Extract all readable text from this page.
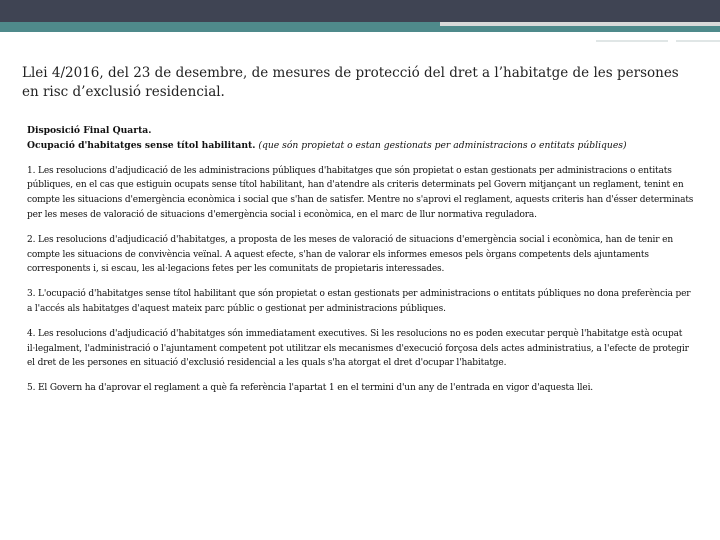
Llei 4/2016, del 23 de desembre, de mesures de protecció del dret a l’habitatge de les persones en risc d’exclusió residencial.

Disposició Final Quarta.
Ocupació d'habitatges sense títol habilitant. (que són propietat o estan gestionats per administracions o entitats públiques)

1. Les resolucions d'adjudicació de les administracions públiques d'habitatges que són propietat o estan gestionats per administracions o entitats públiques, en el cas que estiguin ocupats sense títol habilitant, han d'atendre als criteris determinats pel Govern mitjançant un reglament, tenint en compte les situacions d'emergència econòmica i social que s'han de satisfer. Mentre no s'aprovi el reglament, aquests criteris han d'ésser determinats per les meses de valoració de situacions d'emergència social i econòmica, en el marc de llur normativa reguladora.

2. Les resolucions d'adjudicació d'habitatges, a proposta de les meses de valoració de situacions d'emergència social i econòmica, han de tenir en compte les situacions de convivència veïnal. A aquest efecte, s'han de valorar els informes emesos pels òrgans competents dels ajuntaments corresponents i, si escau, les al·legacions fetes per les comunitats de propietaris interessades.

3. L'ocupació d'habitatges sense títol habilitant que són propietat o estan gestionats per administracions o entitats públiques no dona preferència per a l'accés als habitatges d'aquest mateix parc públic o gestionat per administracions públiques.

4. Les resolucions d'adjudicació d'habitatges són immediatament executives. Si les resolucions no es poden executar perquè l'habitatge està ocupat il·legalment, l'administració o l'ajuntament competent pot utilitzar els mecanismes d'execució forçosa dels actes administratius, a l'efecte de protegir el dret de les persones en situació d'exclusió residencial a les quals s'ha atorgat el dret d'ocupar l'habitatge.

5. El Govern ha d'aprovar el reglament a què fa referència l'apartat 1 en el termini d'un any de l'entrada en vigor d'aquesta llei.
